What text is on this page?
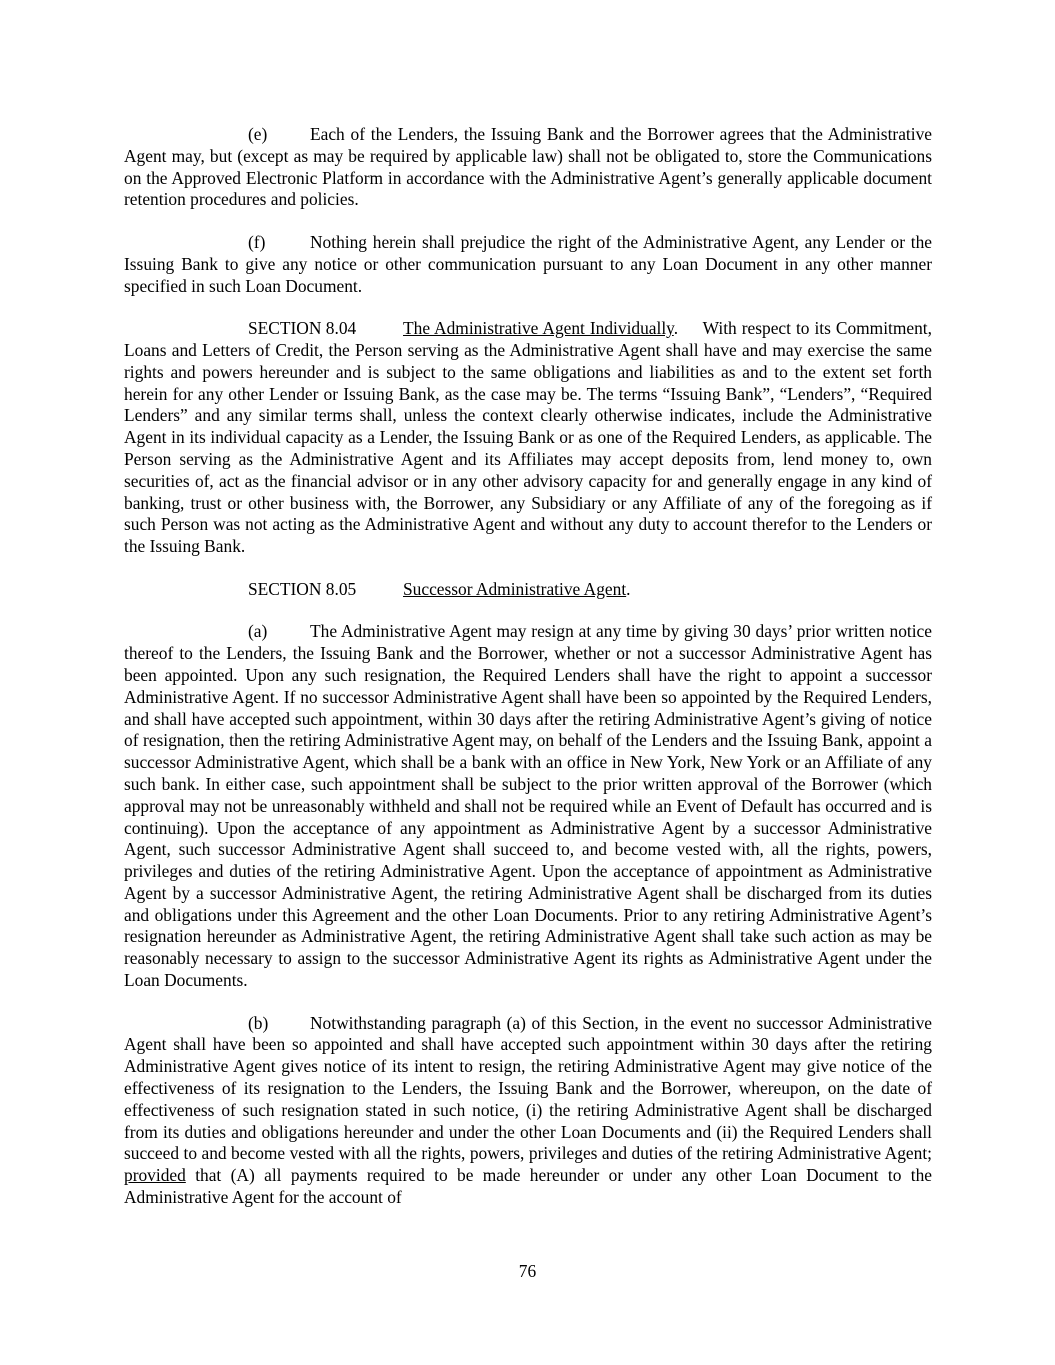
(e) Each of the Lenders, the Issuing Bank and the Borrower agrees that the Administrative Agent may, but (except as may be required by applicable law) shall not be obligated to, store the Communications on the Approved Electronic Platform in accordance with the Administrative Agent’s generally applicable document retention procedures and policies.

(f)	Nothing herein shall prejudice the right of the Administrative Agent, any Lender or the Issuing Bank to give any notice or other communication pursuant to any Loan Document in any other manner specified in such Loan Document.

SECTION 8.04	The Administrative Agent Individually. With respect to its Commitment, Loans and Letters of Credit, the Person serving as the Administrative Agent shall have and may exercise the same rights and powers hereunder and is subject to the same obligations and liabilities as and to the extent set forth herein for any other Lender or Issuing Bank, as the case may be. The terms “Issuing Bank”, “Lenders”, “Required Lenders” and any similar terms shall, unless the context clearly otherwise indicates, include the Administrative Agent in its individual capacity as a Lender, the Issuing Bank or as one of the Required Lenders, as applicable. The Person serving as the Administrative Agent and its Affiliates may accept deposits from, lend money to, own securities of, act as the financial advisor or in any other advisory capacity for and generally engage in any kind of banking, trust or other business with, the Borrower, any Subsidiary or any Affiliate of any of the foregoing as if such Person was not acting as the Administrative Agent and without any duty to account therefor to the Lenders or the Issuing Bank.

SECTION 8.05	Successor Administrative Agent.

(a) The Administrative Agent may resign at any time by giving 30 days’ prior written notice thereof to the Lenders, the Issuing Bank and the Borrower, whether or not a successor Administrative Agent has been appointed. Upon any such resignation, the Required Lenders shall have the right to appoint a successor Administrative Agent. If no successor Administrative Agent shall have been so appointed by the Required Lenders, and shall have accepted such appointment, within 30 days after the retiring Administrative Agent’s giving of notice of resignation, then the retiring Administrative Agent may, on behalf of the Lenders and the Issuing Bank, appoint a successor Administrative Agent, which shall be a bank with an office in New York, New York or an Affiliate of any such bank. In either case, such appointment shall be subject to the prior written approval of the Borrower (which approval may not be unreasonably withheld and shall not be required while an Event of Default has occurred and is continuing). Upon the acceptance of any appointment as Administrative Agent by a successor Administrative Agent, such successor Administrative Agent shall succeed to, and become vested with, all the rights, powers, privileges and duties of the retiring Administrative Agent. Upon the acceptance of appointment as Administrative Agent by a successor Administrative Agent, the retiring Administrative Agent shall be discharged from its duties and obligations under this Agreement and the other Loan Documents. Prior to any retiring Administrative Agent’s resignation hereunder as Administrative Agent, the retiring Administrative Agent shall take such action as may be reasonably necessary to assign to the successor Administrative Agent its rights as Administrative Agent under the Loan Documents.

(b) Notwithstanding paragraph (a) of this Section, in the event no successor Administrative Agent shall have been so appointed and shall have accepted such appointment within 30 days after the retiring Administrative Agent gives notice of its intent to resign, the retiring Administrative Agent may give notice of the effectiveness of its resignation to the Lenders, the Issuing Bank and the Borrower, whereupon, on the date of effectiveness of such resignation stated in such notice, (i) the retiring Administrative Agent shall be discharged from its duties and obligations hereunder and under the other Loan Documents and (ii) the Required Lenders shall succeed to and become vested with all the rights, powers, privileges and duties of the retiring Administrative Agent; provided that (A) all payments required to be made hereunder or under any other Loan Document to the Administrative Agent for the account of

76
